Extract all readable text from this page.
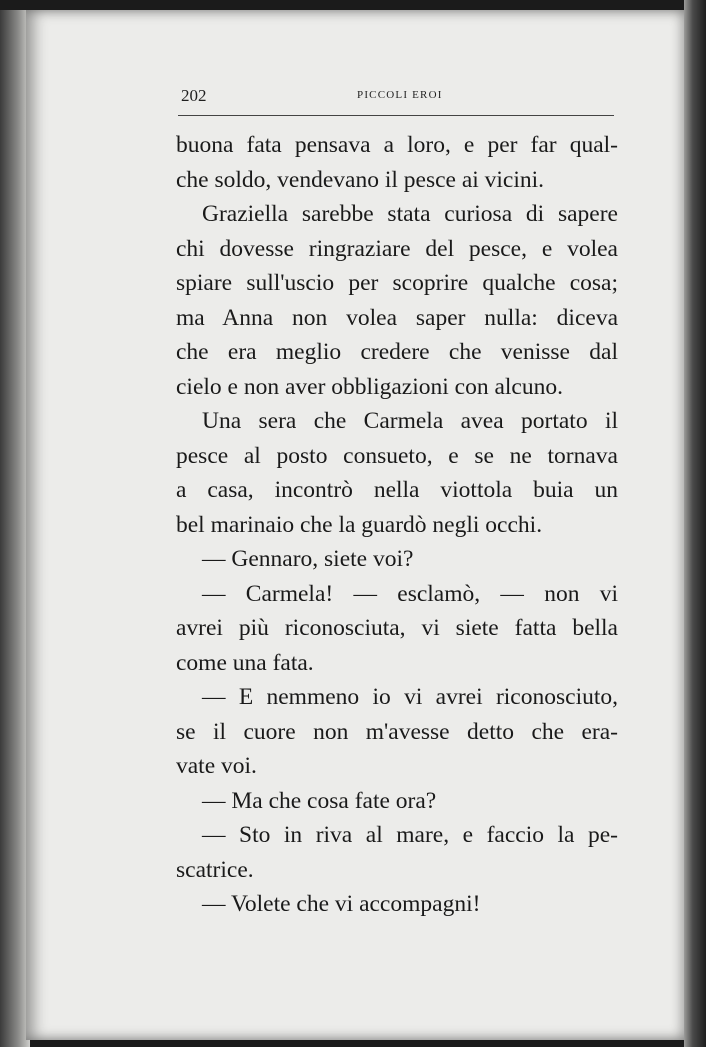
202	PICCOLI EROI
buona fata pensava a loro, e per far qual-
che soldo, vendevano il pesce ai vicini.
Graziella sarebbe stata curiosa di sapere
chi dovesse ringraziare del pesce, e volea
spiare sull'uscio per scoprire qualche cosa;
ma Anna non volea saper nulla: diceva
che era meglio credere che venisse dal
cielo e non aver obbligazioni con alcuno.
Una sera che Carmela avea portato il
pesce al posto consueto, e se ne tornava
a casa, incontrò nella viottola buia un
bel marinaio che la guardò negli occhi.
— Gennaro, siete voi?
— Carmela! — esclamò, — non vi
avrei più riconosciuta, vi siete fatta bella
come una fata.
— E nemmeno io vi avrei riconosciuto,
se il cuore non m'avesse detto che era-
vate voi.
— Ma che cosa fate ora?
— Sto in riva al mare, e faccio la pe-
scatrice.
— Volete che vi accompagni!
